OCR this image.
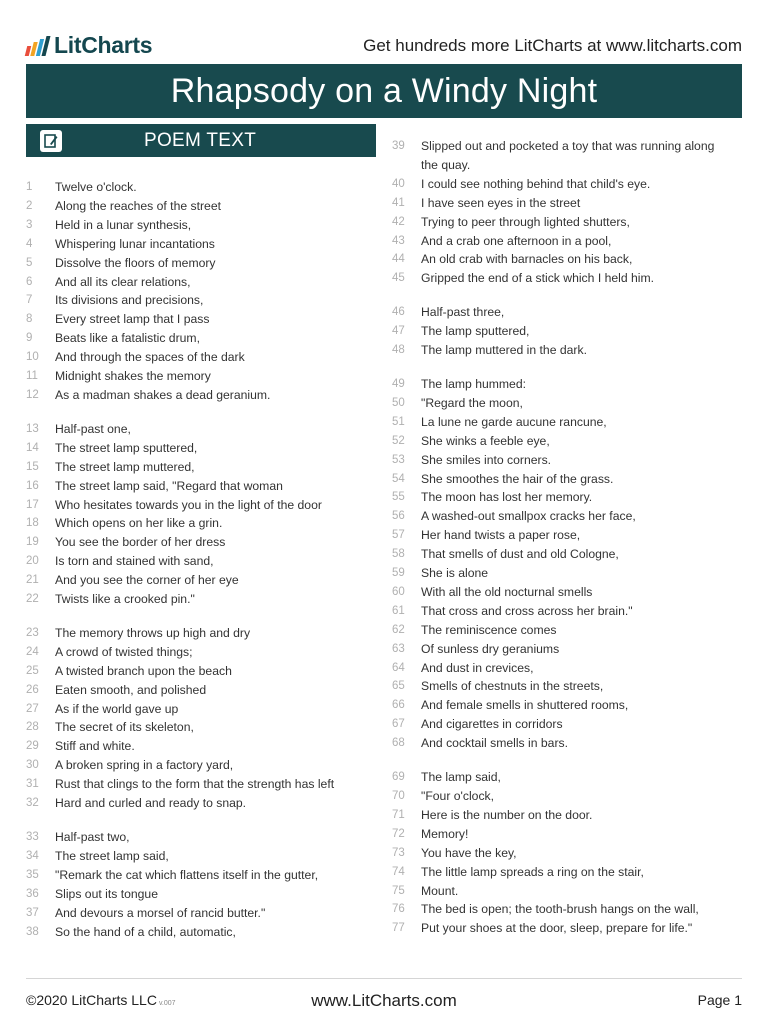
LitCharts	Get hundreds more LitCharts at www.litcharts.com
Rhapsody on a Windy Night
POEM TEXT
1	Twelve o'clock.
2	Along the reaches of the street
3	Held in a lunar synthesis,
4	Whispering lunar incantations
5	Dissolve the floors of memory
6	And all its clear relations,
7	Its divisions and precisions,
8	Every street lamp that I pass
9	Beats like a fatalistic drum,
10	And through the spaces of the dark
11	Midnight shakes the memory
12	As a madman shakes a dead geranium.
13	Half-past one,
14	The street lamp sputtered,
15	The street lamp muttered,
16	The street lamp said, "Regard that woman
17	Who hesitates towards you in the light of the door
18	Which opens on her like a grin.
19	You see the border of her dress
20	Is torn and stained with sand,
21	And you see the corner of her eye
22	Twists like a crooked pin."
23	The memory throws up high and dry
24	A crowd of twisted things;
25	A twisted branch upon the beach
26	Eaten smooth, and polished
27	As if the world gave up
28	The secret of its skeleton,
29	Stiff and white.
30	A broken spring in a factory yard,
31	Rust that clings to the form that the strength has left
32	Hard and curled and ready to snap.
33	Half-past two,
34	The street lamp said,
35	"Remark the cat which flattens itself in the gutter,
36	Slips out its tongue
37	And devours a morsel of rancid butter."
38	So the hand of a child, automatic,
39	Slipped out and pocketed a toy that was running along
the quay.
40	I could see nothing behind that child's eye.
41	I have seen eyes in the street
42	Trying to peer through lighted shutters,
43	And a crab one afternoon in a pool,
44	An old crab with barnacles on his back,
45	Gripped the end of a stick which I held him.
46	Half-past three,
47	The lamp sputtered,
48	The lamp muttered in the dark.
49	The lamp hummed:
50	"Regard the moon,
51	La lune ne garde aucune rancune,
52	She winks a feeble eye,
53	She smiles into corners.
54	She smoothes the hair of the grass.
55	The moon has lost her memory.
56	A washed-out smallpox cracks her face,
57	Her hand twists a paper rose,
58	That smells of dust and old Cologne,
59	She is alone
60	With all the old nocturnal smells
61	That cross and cross across her brain."
62	The reminiscence comes
63	Of sunless dry geraniums
64	And dust in crevices,
65	Smells of chestnuts in the streets,
66	And female smells in shuttered rooms,
67	And cigarettes in corridors
68	And cocktail smells in bars.
69	The lamp said,
70	"Four o'clock,
71	Here is the number on the door.
72	Memory!
73	You have the key,
74	The little lamp spreads a ring on the stair,
75	Mount.
76	The bed is open; the tooth-brush hangs on the wall,
77	Put your shoes at the door, sleep, prepare for life."
©2020 LitCharts LLC v.007	www.LitCharts.com	Page 1
